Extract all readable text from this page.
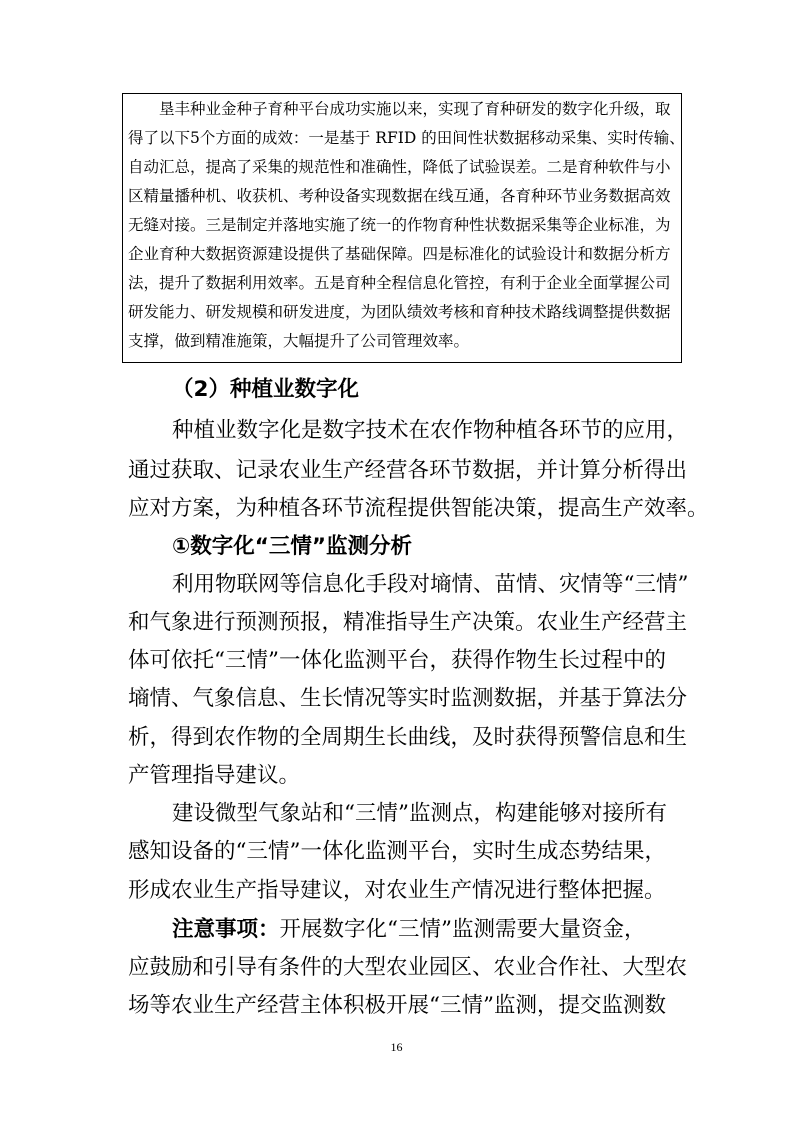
垦丰种业金种子育种平台成功实施以来，实现了育种研发的数字化升级，取
得了以下5个方面的成效：一是基于 RFID 的田间性状数据移动采集、实时传输、
自动汇总，提高了采集的规范性和准确性，降低了试验误差。二是育种软件与小
区精量播种机、收获机、考种设备实现数据在线互通，各育种环节业务数据高效
无缝对接。三是制定并落地实施了统一的作物育种性状数据采集等企业标准，为
企业育种大数据资源建设提供了基础保障。四是标准化的试验设计和数据分析方
法，提升了数据利用效率。五是育种全程信息化管控，有利于企业全面掌握公司
研发能力、研发规模和研发进度，为团队绩效考核和育种技术路线调整提供数据
支撑，做到精准施策，大幅提升了公司管理效率。
（2）种植业数字化
种植业数字化是数字技术在农作物种植各环节的应用，
通过获取、记录农业生产经营各环节数据，并计算分析得出
应对方案，为种植各环节流程提供智能决策，提高生产效率。
①数字化“三情”监测分析
利用物联网等信息化手段对墒情、苗情、灾情等“三情”
和气象进行预测预报，精准指导生产决策。农业生产经营主
体可依托“三情”一体化监测平台，获得作物生长过程中的
墒情、气象信息、生长情况等实时监测数据，并基于算法分
析，得到农作物的全周期生长曲线，及时获得预警信息和生
产管理指导建议。
建设微型气象站和“三情”监测点，构建能够对接所有
感知设备的“三情”一体化监测平台，实时生成态势结果，
形成农业生产指导建议，对农业生产情况进行整体把握。
注意事项：开展数字化“三情”监测需要大量资金，
应鼓励和引导有条件的大型农业园区、农业合作社、大型农
场等农业生产经营主体积极开展“三情”监测，提交监测数
16
